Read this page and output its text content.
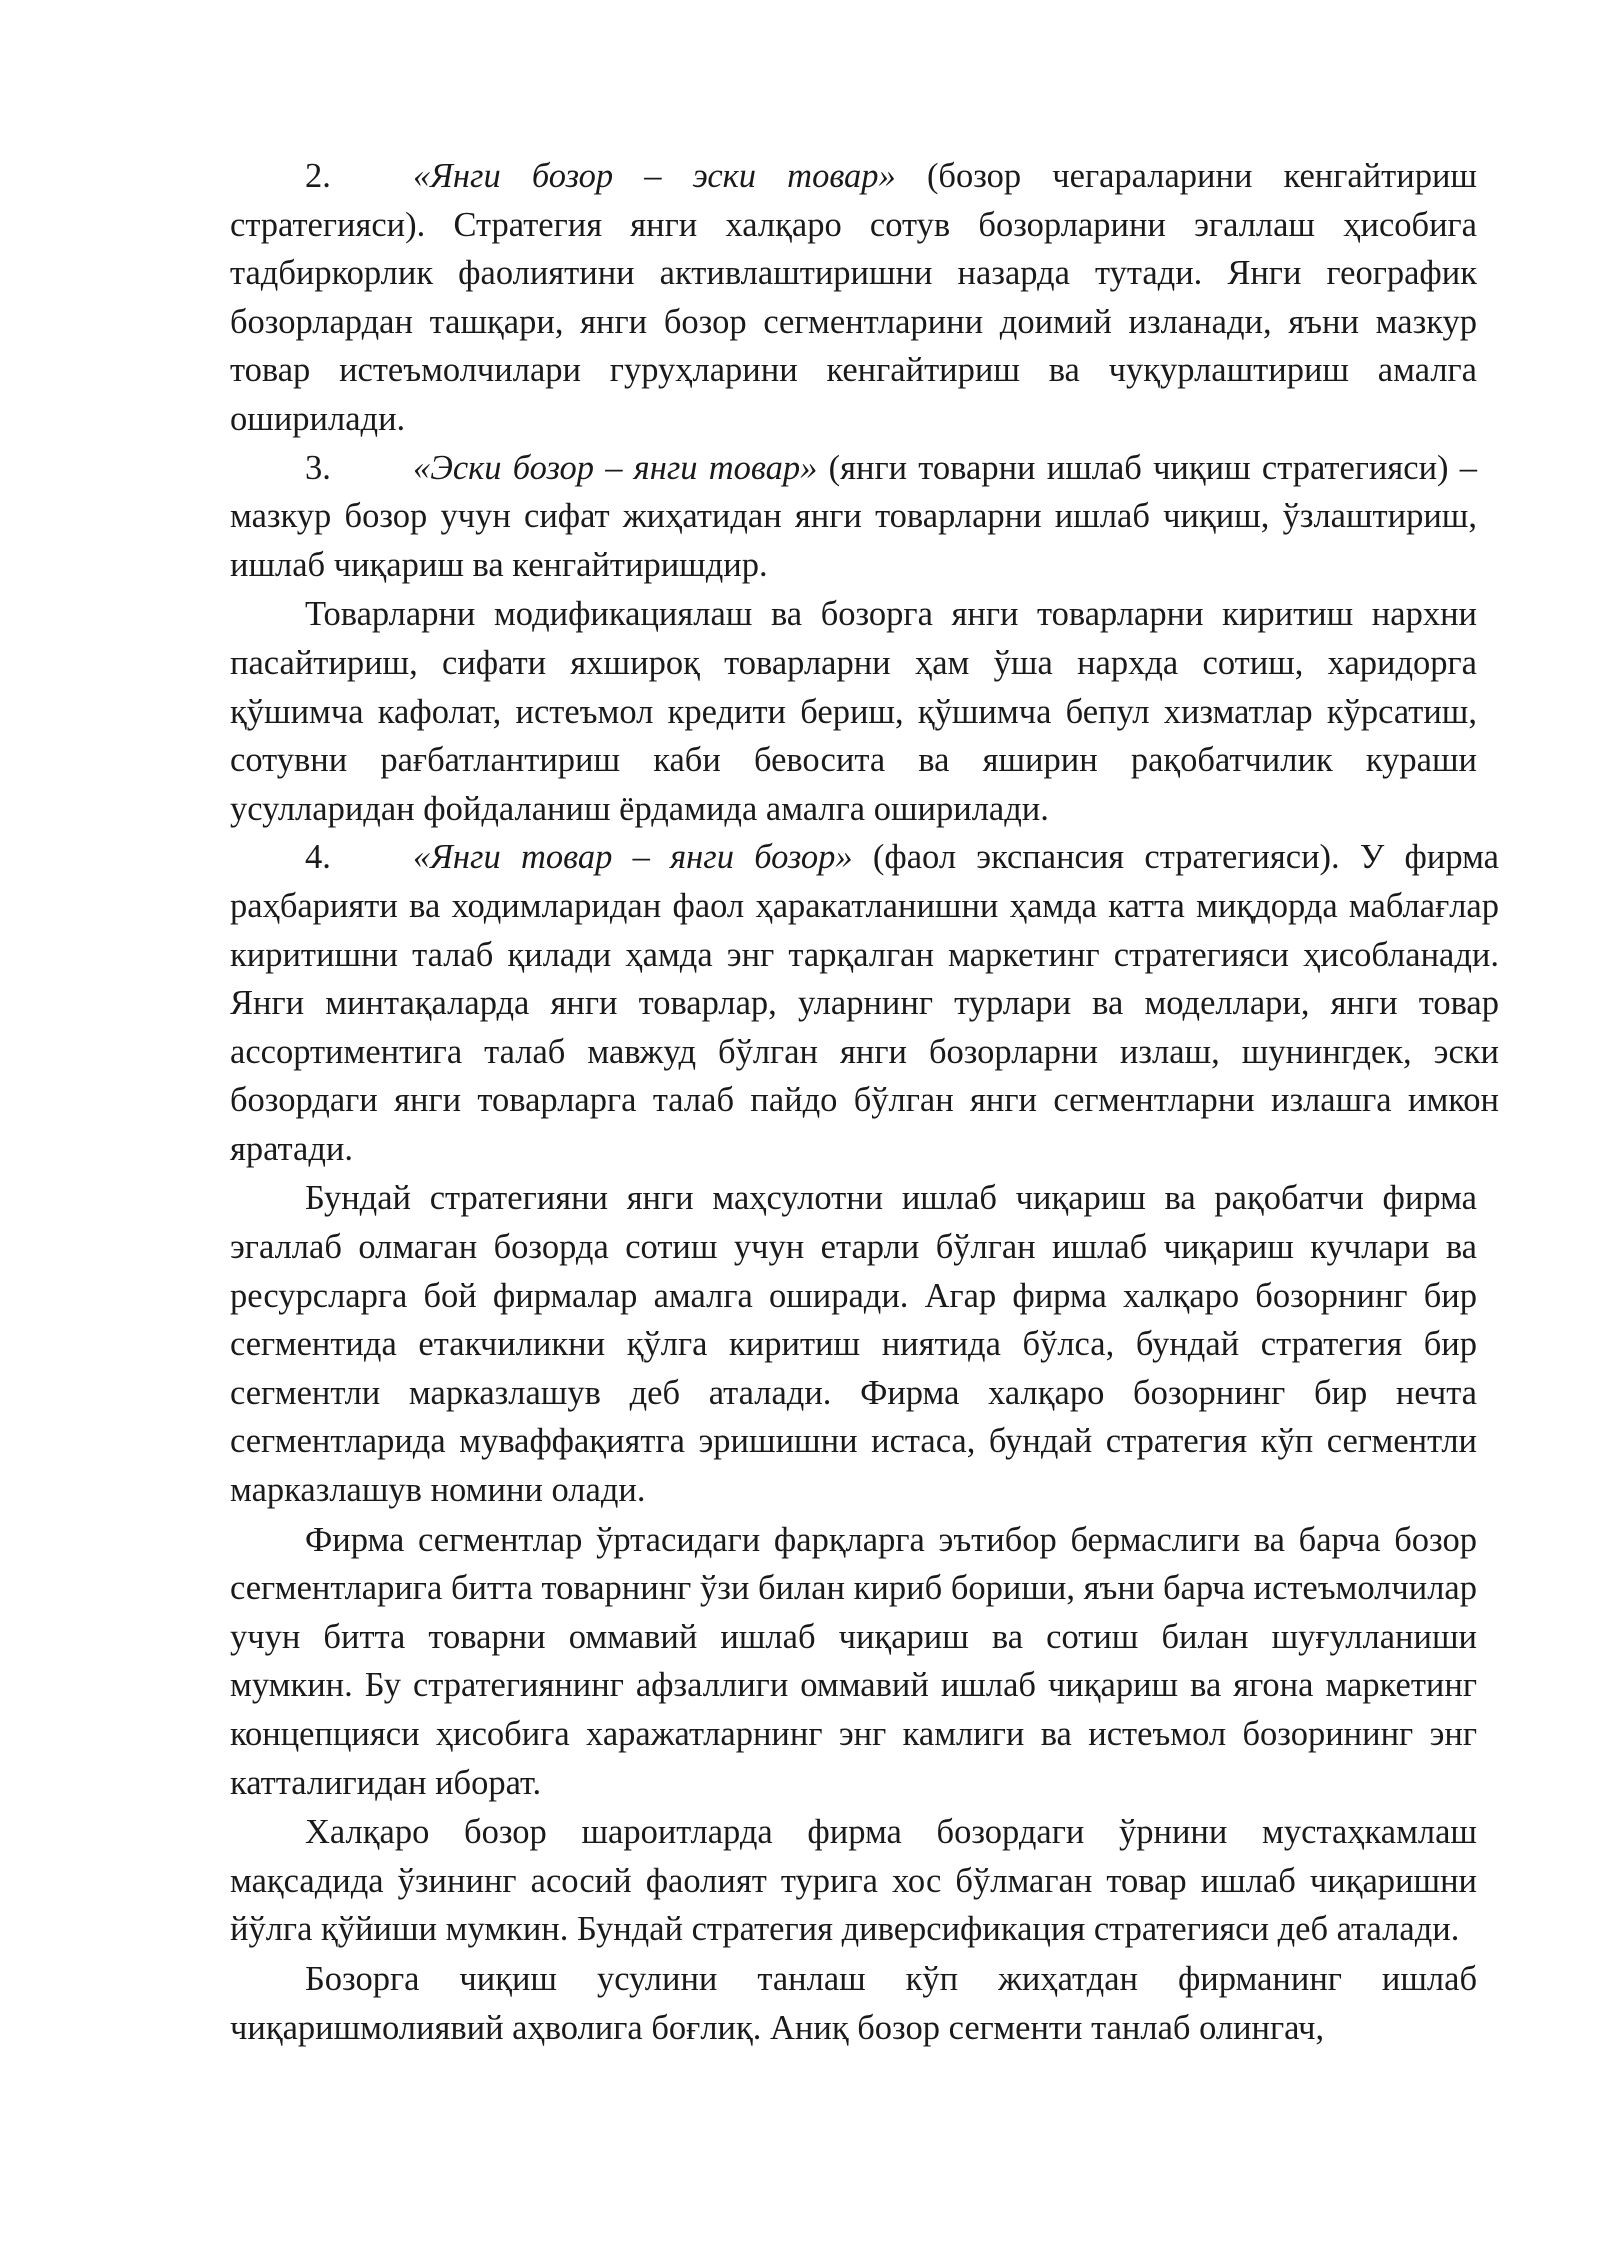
2. «Янги бозор – эски товар» (бозор чегараларини кенгайтириш стратегияси). Стратегия янги халқаро сотув бозорларини эгаллаш ҳисобига тадбиркорлик фаолиятини активлаштиришни назарда тутади. Янги географик бозорлардан ташқари, янги бозор сегментларини доимий изланади, яъни мазкур товар истеъмолчилари гуруҳларини кенгайтириш ва чуқурлаштириш амалга оширилади.

3. «Эски бозор – янги товар» (янги товарни ишлаб чиқиш стратегияси) – мазкур бозор учун сифат жиҳатидан янги товарларни ишлаб чиқиш, ўзлаштириш, ишлаб чиқариш ва кенгайтиришдир.

Товарларни модификациялаш ва бозорга янги товарларни киритиш нархни пасайтириш, сифати яхшироқ товарларни ҳам ўша нархда сотиш, харидорга қўшимча кафолат, истеъмол кредити бериш, қўшимча бепул хизматлар кўрсатиш, сотувни рағбатлантириш каби бевосита ва яширин рақобатчилик кураши усулларидан фойдаланиш ёрдамида амалга оширилади.

4. «Янги товар – янги бозор» (фаол экспансия стратегияси). У фирма раҳбарияти ва ходимларидан фаол ҳаракатланишни ҳамда катта миқдорда маблағлар киритишни талаб қилади ҳамда энг тарқалган маркетинг стратегияси ҳисобланади. Янги минтақаларда янги товарлар, уларнинг турлари ва моделлари, янги товар ассортиментига талаб мавжуд бўлган янги бозорларни излаш, шунингдек, эски бозордаги янги товарларга талаб пайдо бўлган янги сегментларни излашга имкон яратади.

Бундай стратегияни янги маҳсулотни ишлаб чиқариш ва рақобатчи фирма эгаллаб олмаган бозорда сотиш учун етарли бўлган ишлаб чиқариш кучлари ва ресурсларга бой фирмалар амалга оширади. Агар фирма халқаро бозорнинг бир сегментида етакчиликни қўлга киритиш ниятида бўлса, бундай стратегия бир сегментли марказлашув деб аталади. Фирма халқаро бозорнинг бир нечта сегментларида муваффақиятга эришишни истаса, бундай стратегия кўп сегментли марказлашув номини олади.

Фирма сегментлар ўртасидаги фарқларга эътибор бермаслиги ва барча бозор сегментларига битта товарнинг ўзи билан кириб бориши, яъни барча истеъмолчилар учун битта товарни оммавий ишлаб чиқариш ва сотиш билан шуғулланиши мумкин. Бу стратегиянинг афзаллиги оммавий ишлаб чиқариш ва ягона маркетинг концепцияси ҳисобига харажатларнинг энг камлиги ва истеъмол бозорининг энг катталигидан иборат.

Халқаро бозор шароитларда фирма бозордаги ўрнини мустаҳкамлаш мақсадида ўзининг асосий фаолият турига хос бўлмаган товар ишлаб чиқаришни йўлга қўйиши мумкин. Бундай стратегия диверсификация стратегияси деб аталади.

Бозорга чиқиш усулини танлаш кўп жиҳатдан фирманинг ишлаб чиқаришмолиявий аҳволига боғлиқ. Аниқ бозор сегменти танлаб олингач,
